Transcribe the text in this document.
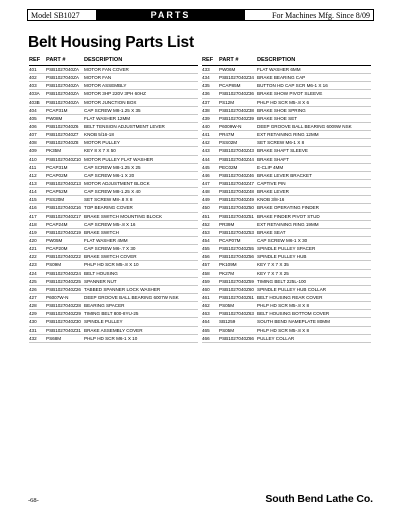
Model SB1027	PARTS	For Machines Mfg. Since 8/09
Belt Housing Parts List
REF	PART #	DESCRIPTION
401	PSB1027040ZA	MOTOR FAN COVER
402	PSB1027040ZA	MOTOR FAN
403	PSB1027040ZA	MOTOR ASSEMBLY
403A	PSB1027040ZA	MOTOR 3HP 220V 3PH 60HZ
403B	PSB1027040ZA	MOTOR JUNCTION BOX
404	PCAP31M	CAP SCREW M8-1.25 X 35
405	PW08M	FLAT WASHER 12MM
406	PSB1027040Z6	BELT TENSION ADJUSTMENT LEVER
407	PSB1027040Z7	KNOB 5/16-18
408	PSB1027040Z8	MOTOR PULLEY
409	PK35M	KEY 8 X 7 X 50
410	PSB1027040Z10 MOTOR PULLEY FLAT WASHER
411	PCAP31M	CAP SCREW M8-1.25 X 25
412	PCAP02M	CAP SCREW M6-1 X 20
413	PSB1027040Z13 MOTOR ADJUSTMENT BLOCK
414	PCAP52M	CAP SCREW M8-1.25 X 40
415	PSS20M	SET SCREW M8-.8 X 8
416	PSB1027040Z16 TOP BEARING COVER
417	PSB1027040Z17 BRAKE SWITCH MOUNTING BLOCK
418	PCAP24M	CAP SCREW M5-.8 X 16
419	PSB1027040Z19 BRAKE SWITCH
420	PW05M	FLAT WASHER 4MM
421	PCAP20M	CAP SCREW M6-.7 X 30
422	PSB1027040Z22 BRAKE SWITCH COVER
423	PS09M	PHLP HD SCR M5-.8 X 10
424	PSB1027040Z24 BELT HOUSING
425	PSB1027040Z25 SPANNER NUT
426	PSB1027040Z26 TABBED SPANNER LOCK WASHER
427	P6007W-N	DEEP GROOVE BALL BEARING 6007W NSK
428	PSB1027040Z28 BEARING SPACER
429	PSB1027040Z29 TIMING BELT 800-8YU-25
430	PSB1027040Z30 SPINDLE PULLEY
431	PSB1027040Z31 BRAKE ASSEMBLY COVER
432	PS68M	PHLP HD SCR M6-1 X 10
REF	PART #	DESCRIPTION
433	PW06M	FLAT WASHER 6MM
434	PSB1027040Z34 BRAKE BEARING CAP
435	PCAP85M	BUTTON HD CAP SCR M6-1 X 16
436	PSB1027040Z36 BRAKE SHOW PIVOT SLEEVE
437	PS12M	PHLP HD SCR M5-.8 X 6
438	PSB1027040Z38 BRAKE SHOE SPRING
439	PSB1027040Z39 BRAKE SHOE SET
440	P6009W-N	DEEP GROOVE BALL BEARING 6009W NSK
441	PR47M	EXT RETAINING RING 12MM
442	PSS02M	SET SCREW M6-1 X 8
443	PSB1027040Z43 BRAKE SHAFT SLEEVE
444	PSB1027040Z44 BRAKE SHAFT
445	PEC02M	E-CLIP 4MM
446	PSB1027040Z46 BRAKE LEVER BRACKET
447	PSB1027040Z47 CAPTIVE PIN
448	PSB1027040Z48 BRAKE LEVER
449	PSB1027040Z49 KNOB 3/8-16
450	PSB1027040Z50 BRAKE OPERATING FINDER
451	PSB1027040Z51 BRAKE FINDER PIVOT STUD
452	PR39M	EXT RETAINING RING 19MM
453	PSB1027040Z53 BRAKE SEAT
454	PCAP07M	CAP SCREW M6-1 X 30
455	PSB1027040Z55 SPINDLE PULLEY SPACER
456	PSB1027040Z56 SPINDLE PULLEY HUB
457	PK109M	KEY 7 X 7 X 35
458	PK27M	KEY 7 X 7 X 25
459	PSB1027040Z59 TIMING BELT 225L-100
460	PSB1027040Z60 SPINDLE PULLEY HUB COLLAR
461	PSB1027040Z61 BELT HOUSING REAR COVER
462	PS05M	PHLP HD SCR M5-.8 X 8
463	PSB1027040Z63 BELT HOUSING BOTTOM COVER
464	SB1259	SOUTH BEND NAMEPLATE 80MM
465	PS05M	PHLP HD SCR M5-.8 X 8
466	PSB1027040Z66 PULLEY COLLAR
-68-	South Bend Lathe Co.
